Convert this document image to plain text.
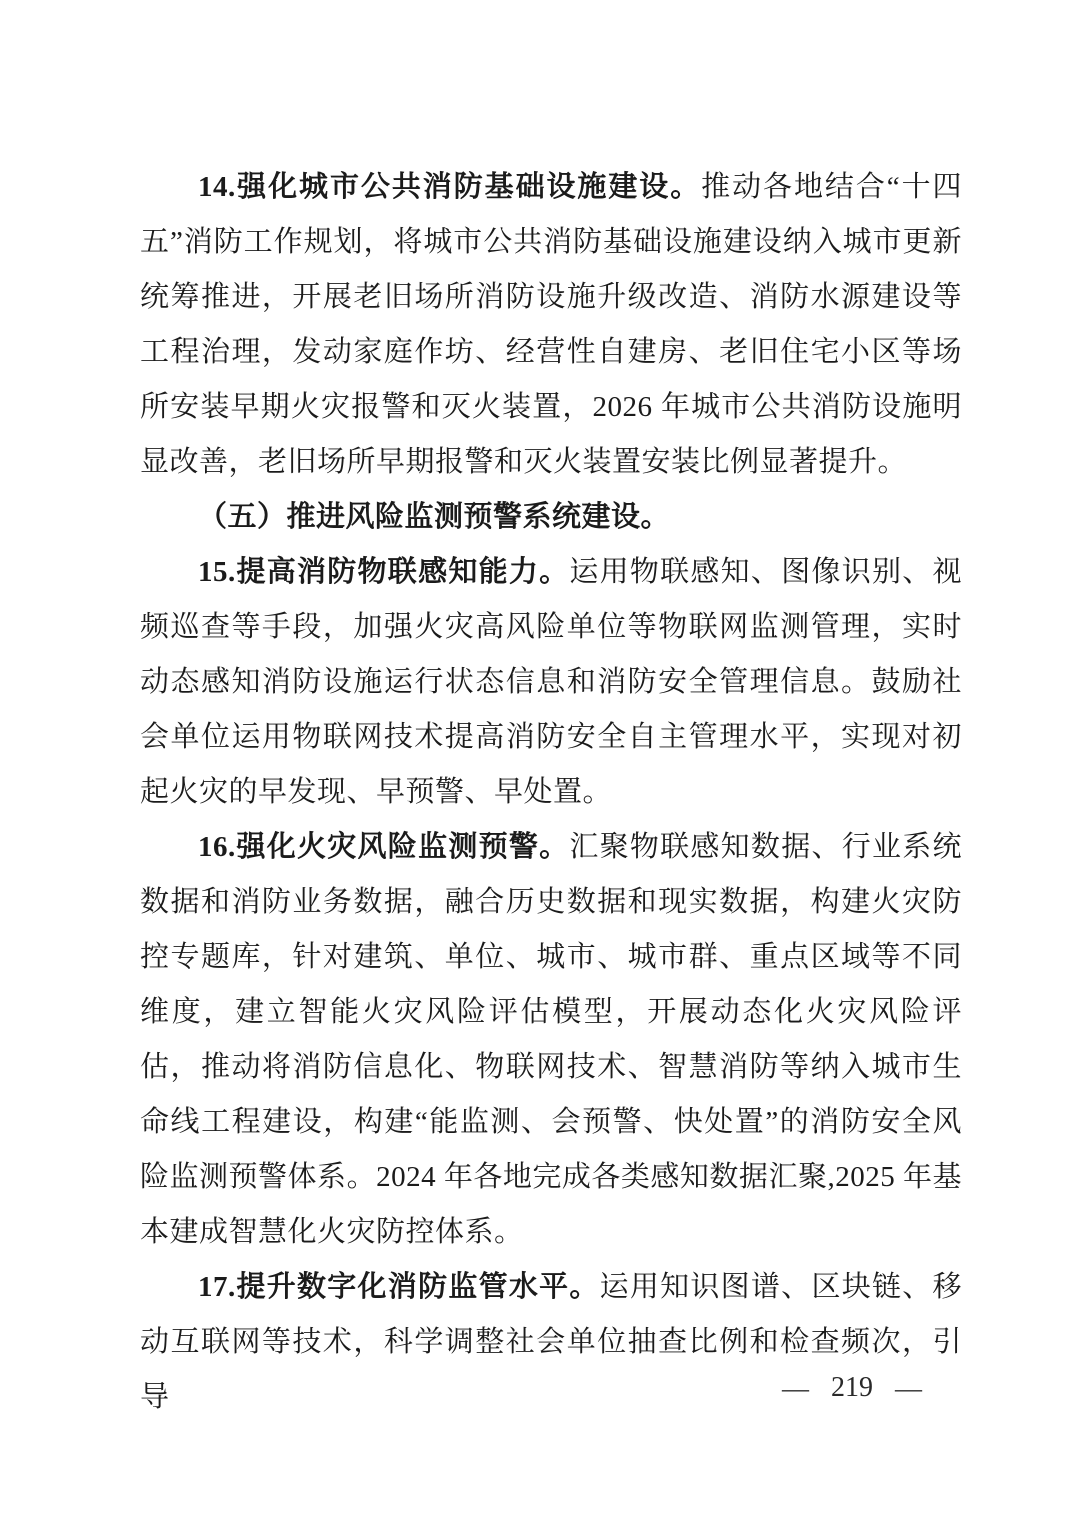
14.强化城市公共消防基础设施建设。推动各地结合“十四五”消防工作规划，将城市公共消防基础设施建设纳入城市更新统筹推进，开展老旧场所消防设施升级改造、消防水源建设等工程治理，发动家庭作坊、经营性自建房、老旧住宅小区等场所安装早期火灾报警和灭火装置，2026 年城市公共消防设施明显改善，老旧场所早期报警和灭火装置安装比例显著提升。

（五）推进风险监测预警系统建设。

15.提高消防物联感知能力。运用物联感知、图像识别、视频巡查等手段，加强火灾高风险单位等物联网监测管理，实时动态感知消防设施运行状态信息和消防安全管理信息。鼓励社会单位运用物联网技术提高消防安全自主管理水平，实现对初起火灾的早发现、早预警、早处置。

16.强化火灾风险监测预警。汇聚物联感知数据、行业系统数据和消防业务数据，融合历史数据和现实数据，构建火灾防控专题库，针对建筑、单位、城市、城市群、重点区域等不同维度，建立智能火灾风险评估模型，开展动态化火灾风险评估，推动将消防信息化、物联网技术、智慧消防等纳入城市生命线工程建设，构建“能监测、会预警、快处置”的消防安全风险监测预警体系。2024 年各地完成各类感知数据汇聚,2025 年基本建成智慧化火灾防控体系。

17.提升数字化消防监管水平。运用知识图谱、区块链、移动互联网等技术，科学调整社会单位抽查比例和检查频次，引导	— 219 —
